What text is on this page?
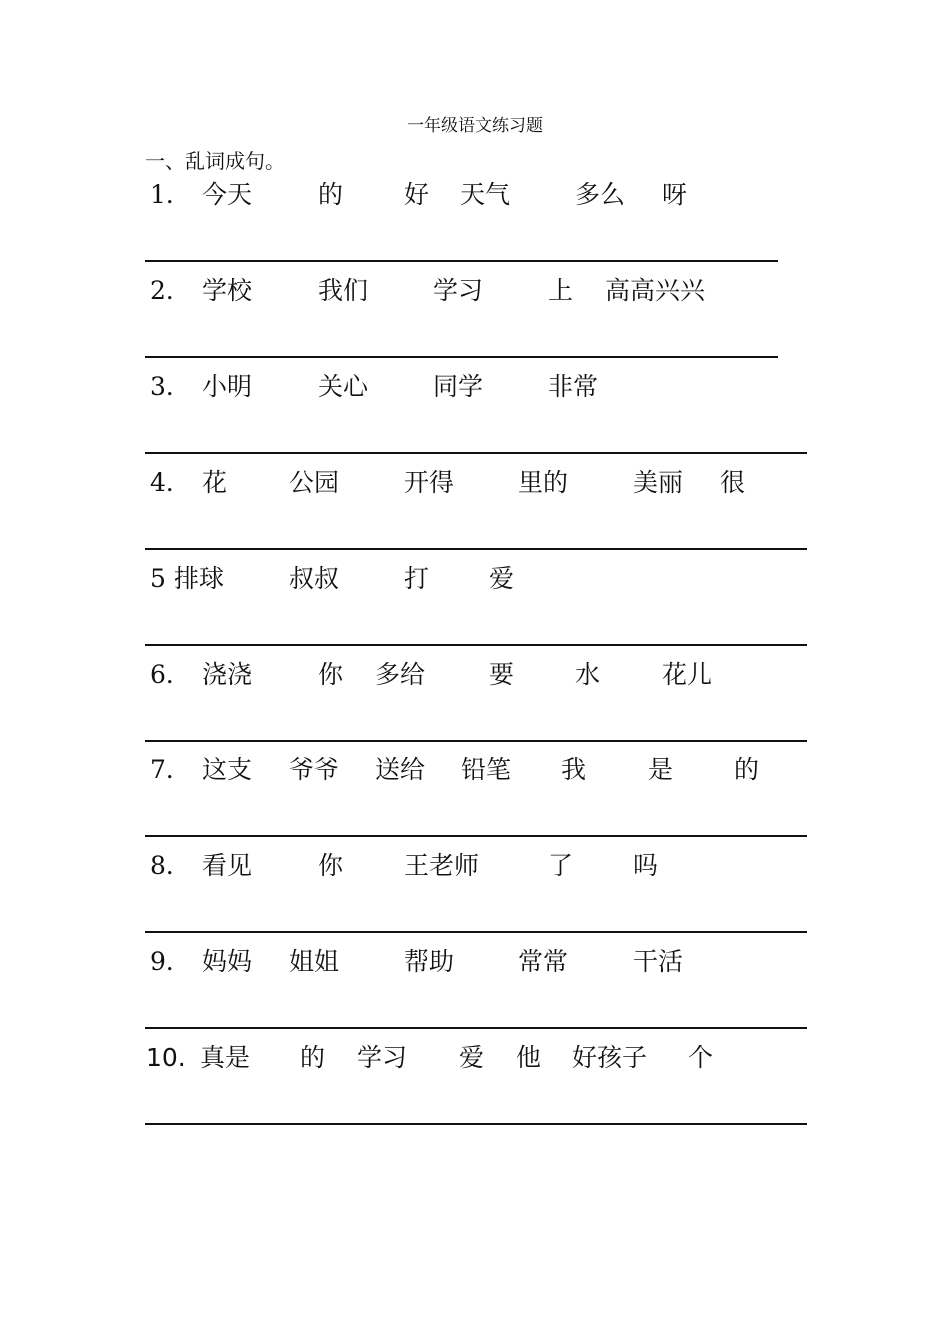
一年级语文练习题
一、乱词成句。
1． 今天	的 好 天气	多么 呀
2． 学校	我们	学习	上 高高兴兴
3． 小明	关心	同学	非常
4． 花 公园	开得	里的	美丽 很
5 排球	叔叔	打 爱
6． 浇浇	你 多给	要 水 花儿
7． 这支 爷爷 送给 铅笔 我 是 的
8． 看见	你 王老师	了 吗
9． 妈妈 姐姐	帮助	常常	干活
10. 真是 的 学习 爱 他 好孩子 个
